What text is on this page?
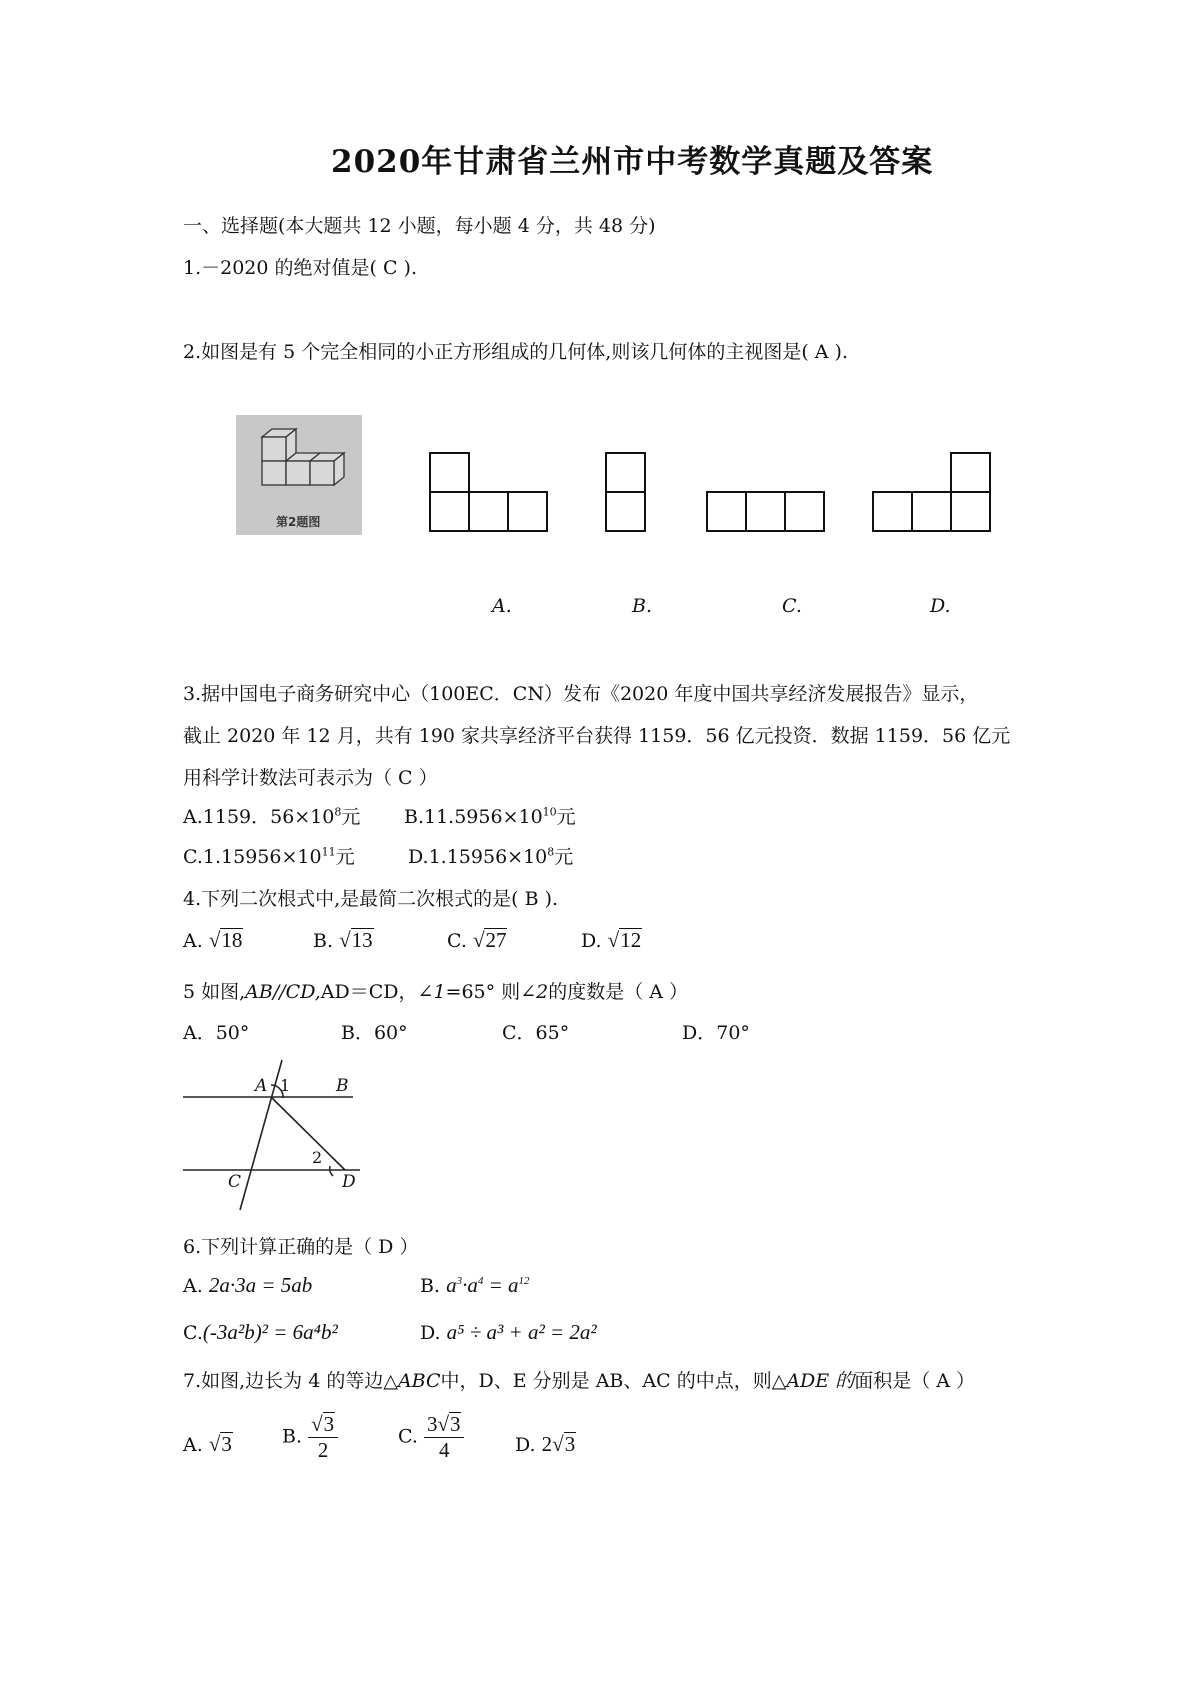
2020年甘肃省兰州市中考数学真题及答案
一、选择题(本大题共 12 小题，每小题 4 分，共 48 分)
1.－2020 的绝对值是( C ).
2.如图是有 5 个完全相同的小正方形组成的几何体,则该几何体的主视图是( A ).
第2题图
A.	B.	C.	D.
3.据中国电子商务研究中心（100EC．CN）发布《2020 年度中国共享经济发展报告》显示，
截止 2020 年 12 月，共有 190 家共享经济平台获得 1159．56 亿元投资．数据 1159．56 亿元
用科学计数法可表示为（ C ）
A.1159．$56\times 10^8$元 $B.11.5956\times 10^{10}$元
$C.1.15956\times 10^{11}$元	$D.1.15956\times 10^8$元
4.下列二次根式中,是最简二次根式的是( B ).
A. √18	B. √13	C. √27	D. √12
5 如图,AB//CD,AD＝CD，∠1=65° 则∠2的度数是（ A ）
A．50°	B．60°	C．65°	D．70°
A 1	B
2
C	D
6.下列计算正确的是（ D ）
A. 2a·3a = 5ab	B. $a^3\cdot a^4 = a^{12}$
C.(-3a²b)² = 6a⁴b²	D. a⁵ ÷ a³ + a² = 2a²
7.如图,边长为 4 的等边△ABC中，D、E 分别是 AB、AC 的中点，则△ADE 的面积是（ A ）
A. √3	B. $\frac{√3}{2}$	C. $\frac{3√3}{4}$	D. 2√3
